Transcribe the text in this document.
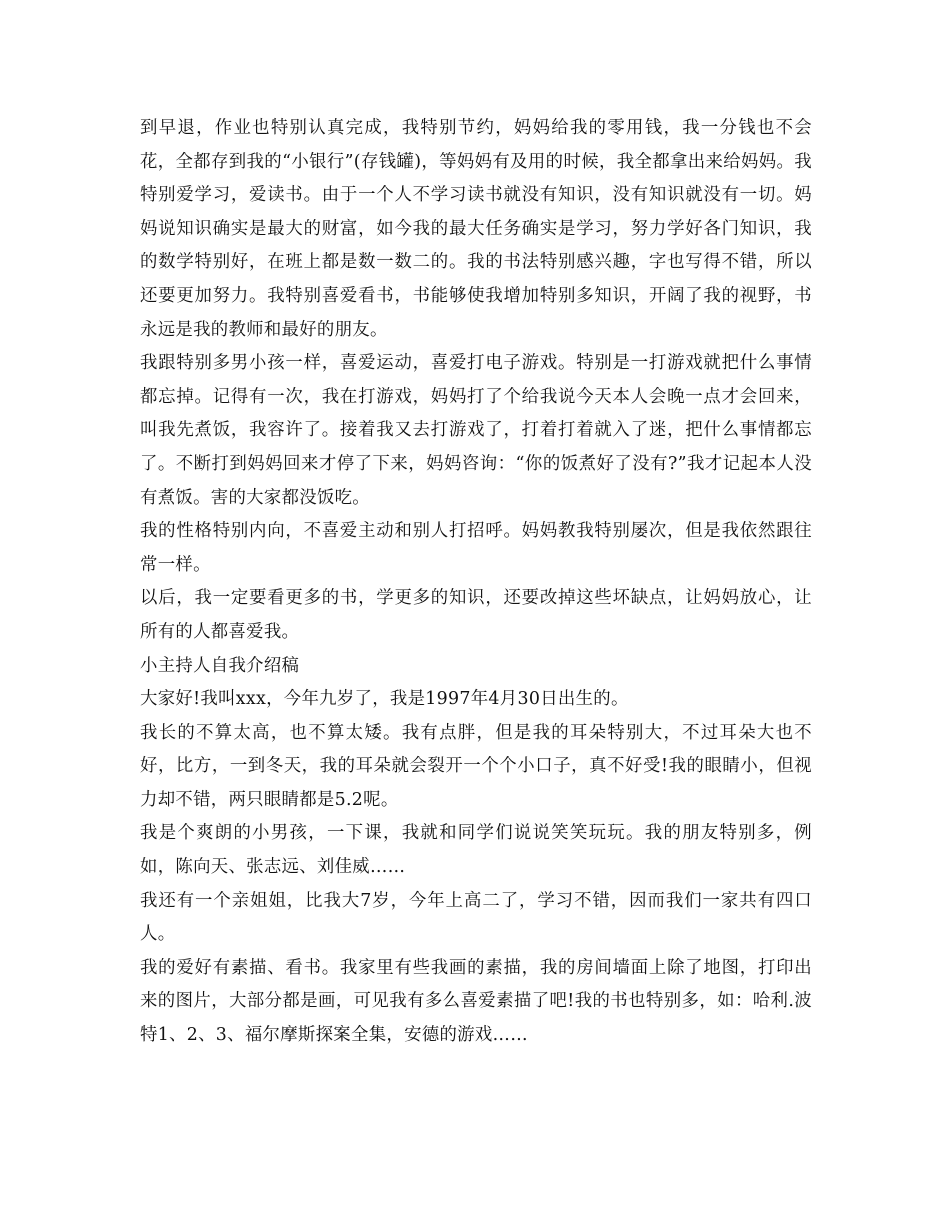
到早退，作业也特别认真完成，我特别节约，妈妈给我的零用钱，我一分钱也不会花，全都存到我的“小银行”(存钱罐)，等妈妈有及用的时候，我全都拿出来给妈妈。我特别爱学习，爱读书。由于一个人不学习读书就没有知识，没有知识就没有一切。妈妈说知识确实是最大的财富，如今我的最大任务确实是学习，努力学好各门知识，我的数学特别好，在班上都是数一数二的。我的书法特别感兴趣，字也写得不错，所以还要更加努力。我特别喜爱看书，书能够使我增加特别多知识，开阔了我的视野，书永远是我的教师和最好的朋友。

我跟特别多男小孩一样，喜爱运动，喜爱打电子游戏。特别是一打游戏就把什么事情都忘掉。记得有一次，我在打游戏，妈妈打了个给我说今天本人会晚一点才会回来，叫我先煮饭，我容许了。接着我又去打游戏了，打着打着就入了迷，把什么事情都忘了。不断打到妈妈回来才停了下来，妈妈咨询：“你的饭煮好了没有?”我才记起本人没有煮饭。害的大家都没饭吃。

我的性格特别内向，不喜爱主动和别人打招呼。妈妈教我特别屡次，但是我依然跟往常一样。

以后，我一定要看更多的书，学更多的知识，还要改掉这些坏缺点，让妈妈放心，让所有的人都喜爱我。

小主持人自我介绍稿

大家好!我叫xxx，今年九岁了，我是1997年4月30日出生的。

我长的不算太高，也不算太矮。我有点胖，但是我的耳朵特别大，不过耳朵大也不好，比方，一到冬天，我的耳朵就会裂开一个个小口子，真不好受!我的眼睛小，但视力却不错，两只眼睛都是5.2呢。

我是个爽朗的小男孩，一下课，我就和同学们说说笑笑玩玩。我的朋友特别多，例如，陈向天、张志远、刘佳威……

我还有一个亲姐姐，比我大7岁，今年上高二了，学习不错，因而我们一家共有四口人。

我的爱好有素描、看书。我家里有些我画的素描，我的房间墙面上除了地图，打印出来的图片，大部分都是画，可见我有多么喜爱素描了吧!我的书也特别多，如：哈利.波特1、2、3、福尔摩斯探案全集，安德的游戏……
